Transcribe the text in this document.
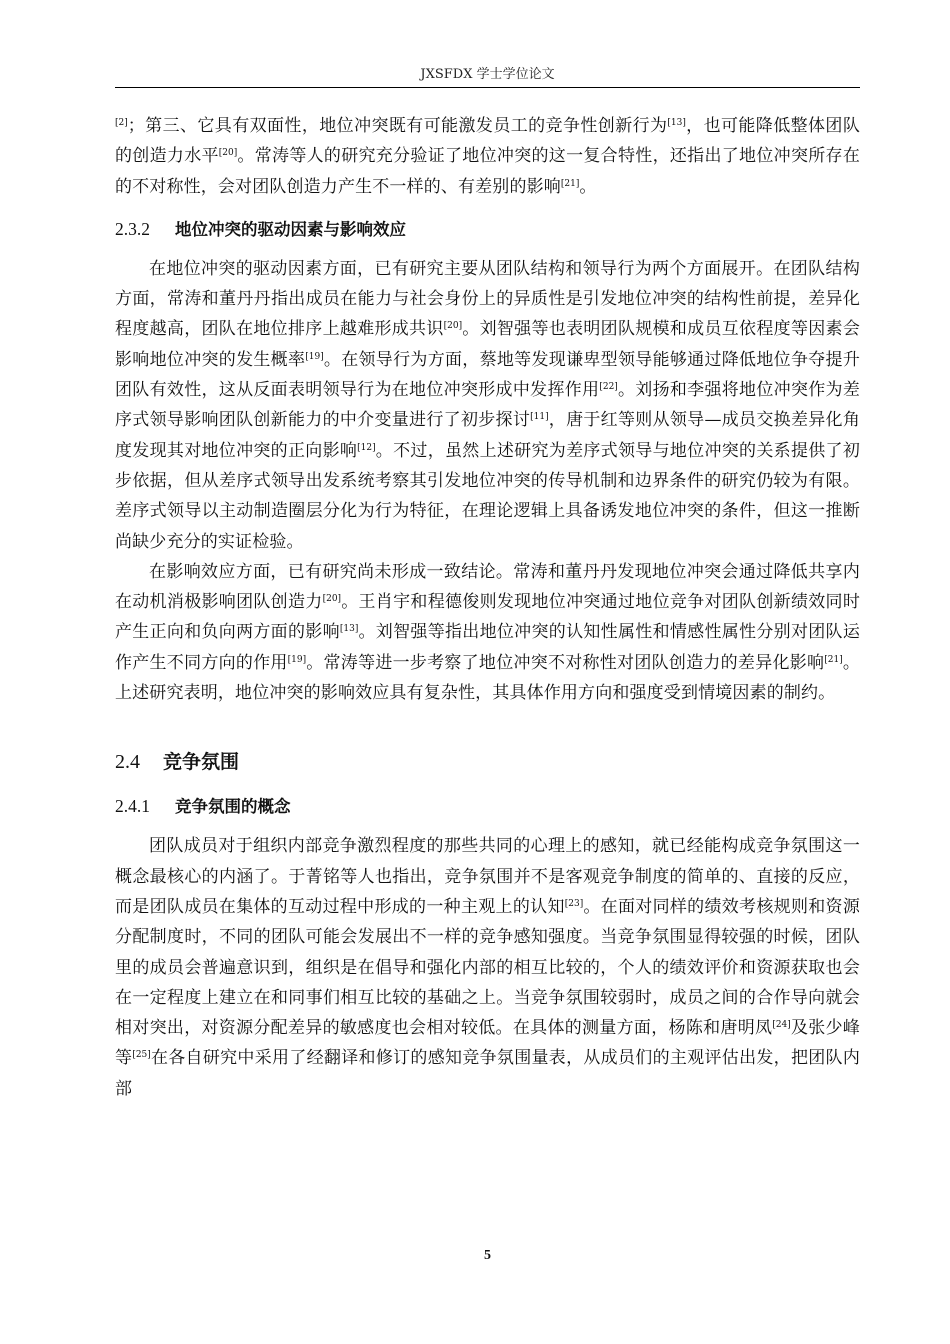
JXSFDX 学士学位论文

[2]；第三、它具有双面性，地位冲突既有可能激发员工的竞争性创新行为[13]，也可能降低整体团队的创造力水平[20]。常涛等人的研究充分验证了地位冲突的这一复合特性，还指出了地位冲突所存在的不对称性，会对团队创造力产生不一样的、有差别的影响[21]。

2.3.2 地位冲突的驱动因素与影响效应

在地位冲突的驱动因素方面，已有研究主要从团队结构和领导行为两个方面展开。在团队结构方面，常涛和董丹丹指出成员在能力与社会身份上的异质性是引发地位冲突的结构性前提，差异化程度越高，团队在地位排序上越难形成共识[20]。刘智强等也表明团队规模和成员互依程度等因素会影响地位冲突的发生概率[19]。在领导行为方面，蔡地等发现谦卑型领导能够通过降低地位争夺提升团队有效性，这从反面表明领导行为在地位冲突形成中发挥作用[22]。刘扬和李强将地位冲突作为差序式领导影响团队创新能力的中介变量进行了初步探讨[11]，唐于红等则从领导—成员交换差异化角度发现其对地位冲突的正向影响[12]。不过，虽然上述研究为差序式领导与地位冲突的关系提供了初步依据，但从差序式领导出发系统考察其引发地位冲突的传导机制和边界条件的研究仍较为有限。差序式领导以主动制造圈层分化为行为特征，在理论逻辑上具备诱发地位冲突的条件，但这一推断尚缺少充分的实证检验。

在影响效应方面，已有研究尚未形成一致结论。常涛和董丹丹发现地位冲突会通过降低共享内在动机消极影响团队创造力[20]。王肖宇和程德俊则发现地位冲突通过地位竞争对团队创新绩效同时产生正向和负向两方面的影响[13]。刘智强等指出地位冲突的认知性属性和情感性属性分别对团队运作产生不同方向的作用[19]。常涛等进一步考察了地位冲突不对称性对团队创造力的差异化影响[21]。上述研究表明，地位冲突的影响效应具有复杂性，其具体作用方向和强度受到情境因素的制约。

2.4 竞争氛围
2.4.1 竞争氛围的概念

团队成员对于组织内部竞争激烈程度的那些共同的心理上的感知，就已经能构成竞争氛围这一概念最核心的内涵了。于菁铭等人也指出，竞争氛围并不是客观竞争制度的简单的、直接的反应，而是团队成员在集体的互动过程中形成的一种主观上的认知[23]。在面对同样的绩效考核规则和资源分配制度时，不同的团队可能会发展出不一样的竞争感知强度。当竞争氛围显得较强的时候，团队里的成员会普遍意识到，组织是在倡导和强化内部的相互比较的，个人的绩效评价和资源获取也会在一定程度上建立在和同事们相互比较的基础之上。当竞争氛围较弱时，成员之间的合作导向就会相对突出，对资源分配差异的敏感度也会相对较低。在具体的测量方面，杨陈和唐明凤[24]及张少峰等[25]在各自研究中采用了经翻译和修订的感知竞争氛围量表，从成员们的主观评估出发，把团队内部

5
